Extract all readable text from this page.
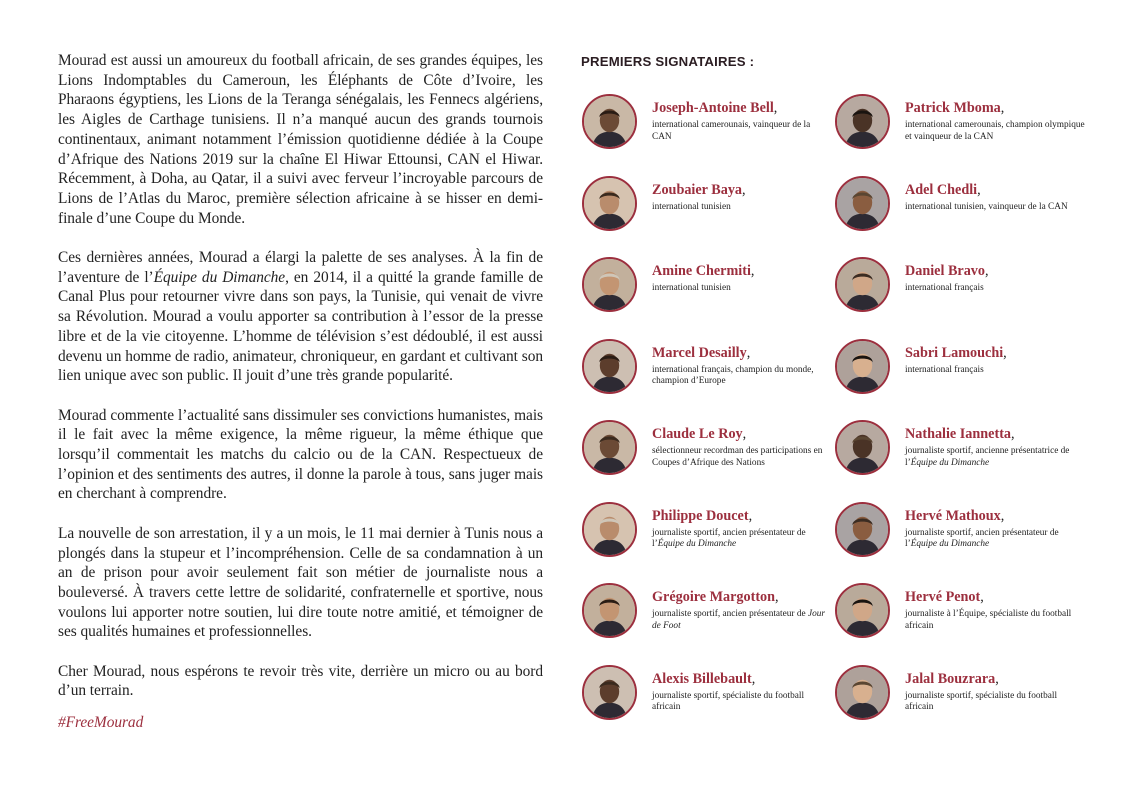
Mourad est aussi un amoureux du football africain, de ses grandes équipes, les Lions Indomptables du Cameroun, les Éléphants de Côte d’Ivoire, les Pharaons égyptiens, les Lions de la Teranga sénégalais, les Fennecs algériens, les Aigles de Carthage tunisiens. Il n’a manqué aucun des grands tournois continentaux, animant notamment l’émission quotidienne dédiée à la Coupe d’Afrique des Nations 2019 sur la chaîne El Hiwar Ettounsi, CAN el Hiwar. Récemment, à Doha, au Qatar, il a suivi avec ferveur l’incroyable parcours de Lions de l’Atlas du Maroc, première sélection africaine à se hisser en demi-finale d’une Coupe du Monde.

Ces dernières années, Mourad a élargi la palette de ses analyses. À la fin de l’aventure de l’Équipe du Dimanche, en 2014, il a quitté la grande famille de Canal Plus pour retourner vivre dans son pays, la Tunisie, qui venait de vivre sa Révolution. Mourad a voulu apporter sa contribution à l’essor de la presse libre et de la vie citoyenne. L’homme de télévision s’est dédoublé, il est aussi devenu un homme de radio, animateur, chroniqueur, en gardant et cultivant son lien unique avec son public. Il jouit d’une très grande popularité.

Mourad commente l’actualité sans dissimuler ses convictions humanistes, mais il le fait avec la même exigence, la même rigueur, la même éthique que lorsqu’il commentait les matchs du calcio ou de la CAN. Respectueux de l’opinion et des sentiments des autres, il donne la parole à tous, sans juger mais en cherchant à comprendre.

La nouvelle de son arrestation, il y a un mois, le 11 mai dernier à Tunis nous a plongés dans la stupeur et l’incompréhension. Celle de sa condamnation à un an de prison pour avoir seulement fait son métier de journaliste nous a bouleversé. À travers cette lettre de solidarité, confraternelle et sportive, nous voulons lui apporter notre soutien, lui dire toute notre amitié, et témoigner de ses qualités humaines et professionnelles.

Cher Mourad, nous espérons te revoir très vite, derrière un micro ou au bord d’un terrain.

#FreeMourad

PREMIERS SIGNATAIRES :
Joseph-Antoine Bell,
international camerounais, vainqueur de la CAN
Patrick Mboma,
international camerounais, champion olympique et vainqueur de la CAN
Zoubaier Baya,
international tunisien
Adel Chedli,
international tunisien, vainqueur de la CAN
Amine Chermiti,
international tunisien
Daniel Bravo,
international français
Marcel Desailly,
international français, champion du monde, champion d’Europe
Sabri Lamouchi,
international français
Claude Le Roy,
sélectionneur recordman des participations en Coupes d’Afrique des Nations
Nathalie Iannetta,
journaliste sportif, ancienne présentatrice de l’Équipe du Dimanche
Philippe Doucet,
journaliste sportif, ancien présentateur de l’Équipe du Dimanche
Hervé Mathoux,
journaliste sportif, ancien présentateur de l’Équipe du Dimanche
Grégoire Margotton,
journaliste sportif, ancien présentateur de Jour de Foot
Hervé Penot,
journaliste à l’Équipe, spécialiste du football africain
Alexis Billebault,
journaliste sportif, spécialiste du football africain
Jalal Bouzrara,
journaliste sportif, spécialiste du football africain
